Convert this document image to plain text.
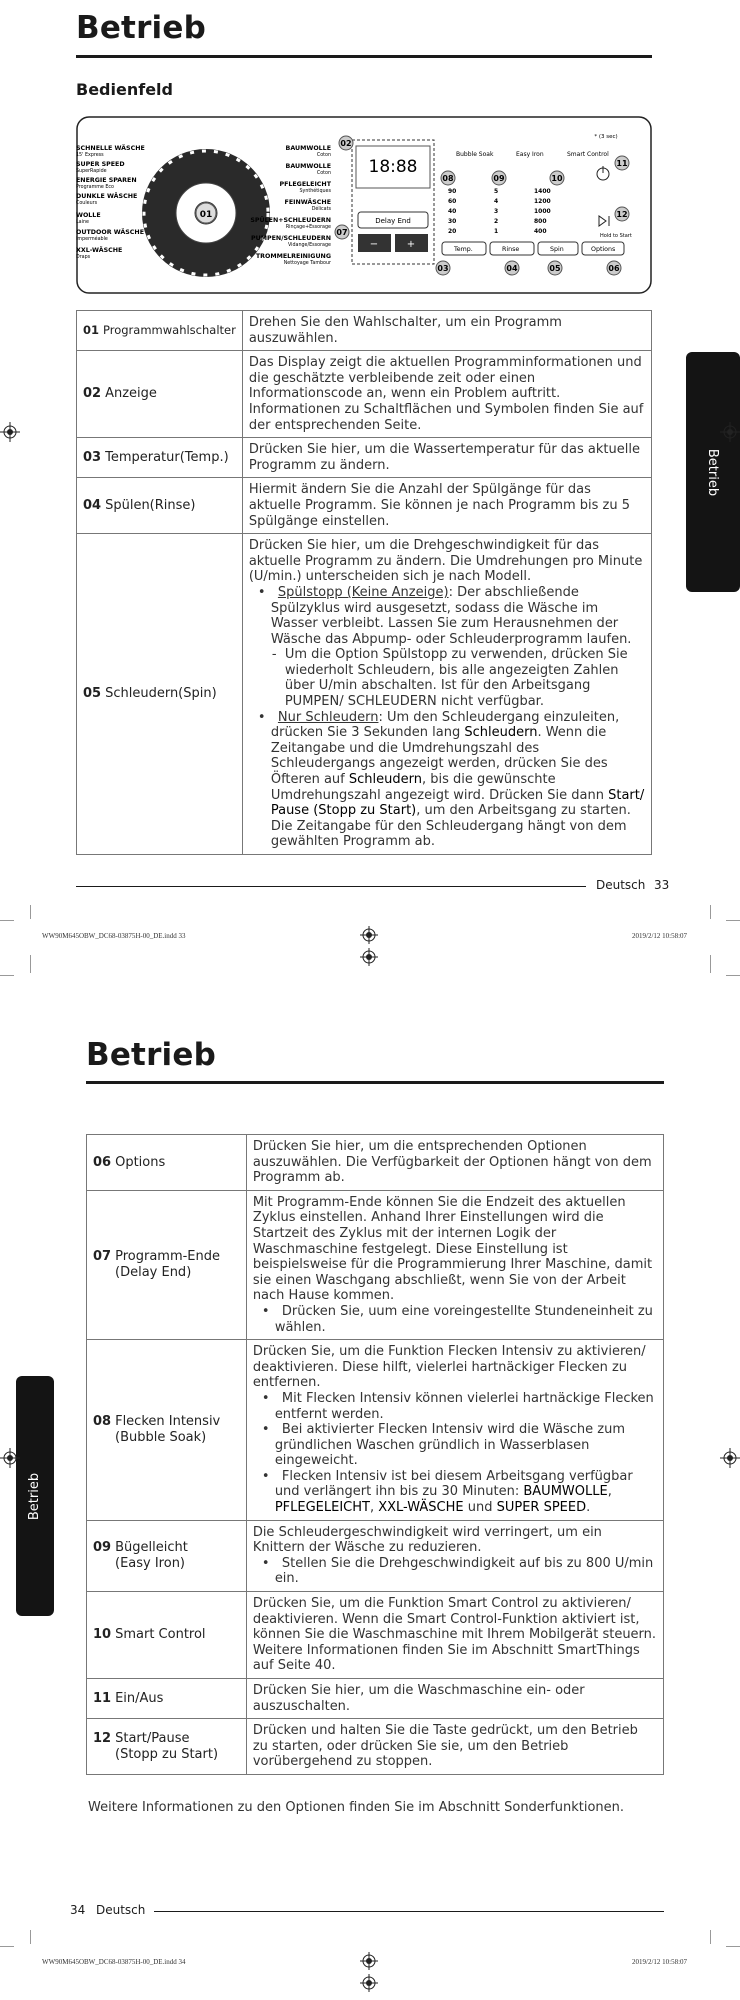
Betrieb
Bedienfeld
01
SCHNELLE WÄSCHE
15' Express
SUPER SPEED
SuperRapide
ENERGIE SPAREN
Programme Eco
DUNKLE WÄSCHE
Couleurs
WOLLE
Laine
OUTDOOR WÄSCHE
Imperméable
XXL-WÄSCHE
Draps
BAUMWOLLE
Coton
BAUMWOLLE
Coton
PFLEGELEICHT
Synthétiques
FEINWÄSCHE
Délicats
SPÜLEN+SCHLEUDERN
Rinçage+Essorage
PUMPEN/SCHLEUDERN
Vidange/Essorage
TROMMELREINIGUNG
Nettoyage Tambour
18:88
Delay End
−	+
* (3 sec)
Bubble Soak	Easy Iron	Smart Control
90
60
40
30
20
5
4
3
2
1
1400
1200
1000
800
400
Temp.	Rinse	Spin	Options
Hold to Start
02
03	04	05	06
07
08	09	10
11
12
01 Programmwahlschalter	Drehen Sie den Wahlschalter, um ein Programm auszuwählen.
02 Anzeige	Das Display zeigt die aktuellen Programminformationen und die geschätzte verbleibende zeit oder einen Informationscode an, wenn ein Problem auftritt.
Informationen zu Schaltflächen und Symbolen finden Sie auf der entsprechenden Seite.
03 Temperatur(Temp.)	Drücken Sie hier, um die Wassertemperatur für das aktuelle Programm zu ändern.
04 Spülen(Rinse)	Hiermit ändern Sie die Anzahl der Spülgänge für das aktuelle Programm. Sie können je nach Programm bis zu 5 Spülgänge einstellen.
05 Schleudern(Spin)	Drücken Sie hier, um die Drehgeschwindigkeit für das aktuelle Programm zu ändern. Die Umdrehungen pro Minute (U/min.) unterscheiden sich je nach Modell.
•   Spülstopp (Keine Anzeige): Der abschließende Spülzyklus wird ausgesetzt, sodass die Wäsche im Wasser verbleibt. Lassen Sie zum Herausnehmen der Wäsche das Abpump- oder Schleuderprogramm laufen.
-  Um die Option Spülstopp zu verwenden, drücken Sie wiederholt Schleudern, bis alle angezeigten Zahlen über U/min abschalten. Ist für den Arbeitsgang PUMPEN/ SCHLEUDERN nicht verfügbar.
•   Nur Schleudern: Um den Schleudergang einzuleiten, drücken Sie 3 Sekunden lang Schleudern. Wenn die Zeitangabe und die Umdrehungszahl des Schleudergangs angezeigt werden, drücken Sie des Öfteren auf Schleudern, bis die gewünschte Umdrehungszahl angezeigt wird. Drücken Sie dann Start/ Pause (Stopp zu Start), um den Arbeitsgang zu starten.
Die Zeitangabe für den Schleudergang hängt von dem gewählten Programm ab.
Betrieb
Deutsch 33
WW90M645OBW_DC68-03875H-00_DE.indd 33	2019/2/12 10:58:07
Betrieb
06 Options	Drücken Sie hier, um die entsprechenden Optionen auszuwählen. Die Verfügbarkeit der Optionen hängt von dem Programm ab.
07 Programm-Ende
(Delay End)	Mit Programm-Ende können Sie die Endzeit des aktuellen Zyklus einstellen. Anhand Ihrer Einstellungen wird die Startzeit des Zyklus mit der internen Logik der Waschmaschine festgelegt. Diese Einstellung ist beispielsweise für die Programmierung Ihrer Maschine, damit sie einen Waschgang abschließt, wenn Sie von der Arbeit nach Hause kommen.
•   Drücken Sie, uum eine voreingestellte Stundeneinheit zu wählen.

08 Flecken Intensiv
(Bubble Soak)	Drücken Sie, um die Funktion Flecken Intensiv zu aktivieren/ deaktivieren. Diese hilft, vielerlei hartnäckiger Flecken zu entfernen.
•   Mit Flecken Intensiv können vielerlei hartnäckige Flecken entfernt werden.
•   Bei aktivierter Flecken Intensiv wird die Wäsche zum gründlichen Waschen gründlich in Wasserblasen eingeweicht.
•   Flecken Intensiv ist bei diesem Arbeitsgang verfügbar und verlängert ihn bis zu 30 Minuten: BAUMWOLLE, PFLEGELEICHT, XXL-WÄSCHE und SUPER SPEED.

09 Bügelleicht
(Easy Iron)	Die Schleudergeschwindigkeit wird verringert, um ein Knittern der Wäsche zu reduzieren.
•   Stellen Sie die Drehgeschwindigkeit auf bis zu 800 U/min ein.

10 Smart Control	Drücken Sie, um die Funktion Smart Control zu aktivieren/ deaktivieren. Wenn die Smart Control-Funktion aktiviert ist, können Sie die Waschmaschine mit Ihrem Mobilgerät steuern. Weitere Informationen finden Sie im Abschnitt SmartThings auf Seite 40.
11 Ein/Aus	Drücken Sie hier, um die Waschmaschine ein- oder auszuschalten.
12 Start/Pause
(Stopp zu Start)	Drücken und halten Sie die Taste gedrückt, um den Betrieb zu starten, oder drücken Sie sie, um den Betrieb vorübergehend zu stoppen.
Weitere Informationen zu den Optionen finden Sie im Abschnitt Sonderfunktionen.
Betrieb
34 Deutsch
WW90M645OBW_DC68-03875H-00_DE.indd 34	2019/2/12 10:58:07
